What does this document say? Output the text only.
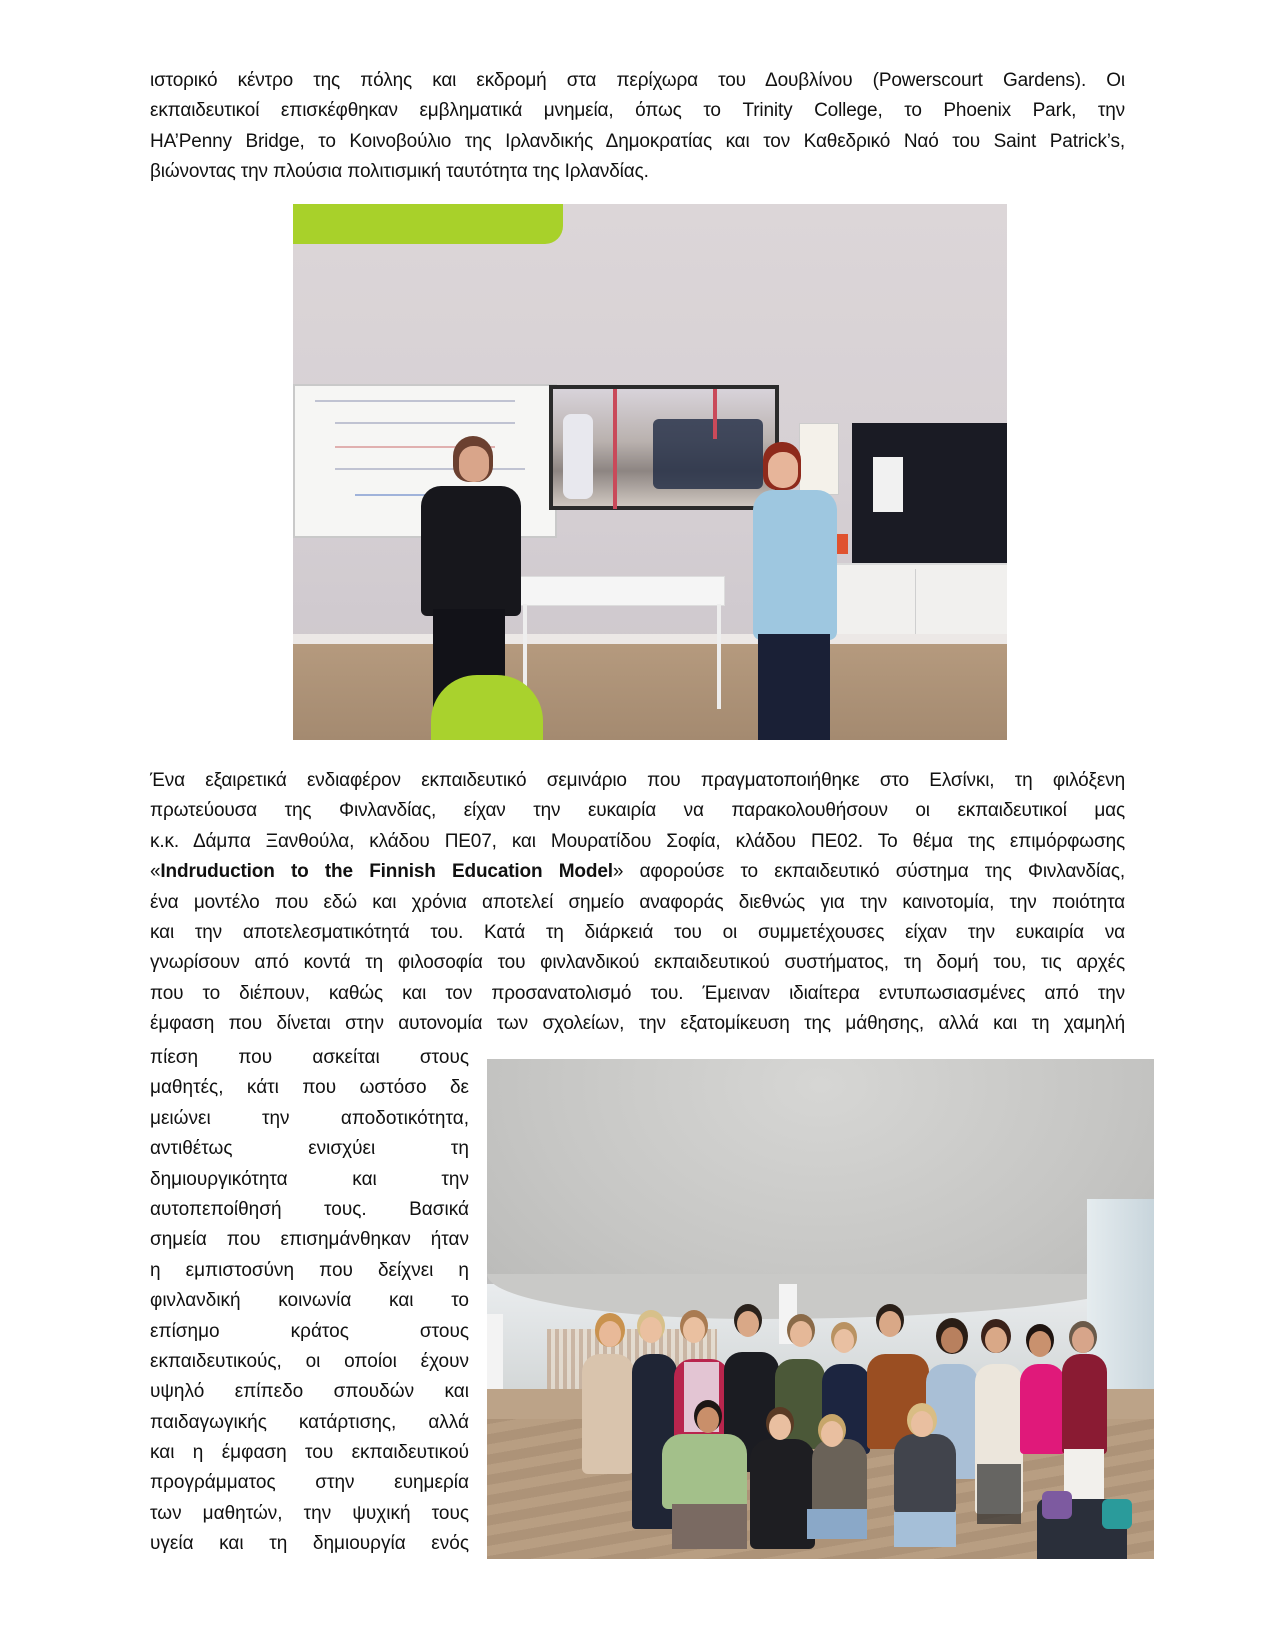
ιστορικό κέντρο της πόλης και εκδρομή στα περίχωρα του Δουβλίνου (Powerscourt Gardens). Οι
εκπαιδευτικοί επισκέφθηκαν εμβληματικά μνημεία, όπως το Trinity College, το Phoenix Park, την
HA’Penny Bridge, το Κοινοβούλιο της Ιρλανδικής Δημοκρατίας και τον Καθεδρικό Ναό του Saint Patrick’s,
βιώνοντας την πλούσια πολιτισμική ταυτότητα της Ιρλανδίας.
Ένα εξαιρετικά ενδιαφέρον εκπαιδευτικό σεμινάριο που πραγματοποιήθηκε στο Ελσίνκι, τη φιλόξενη
πρωτεύουσα της Φινλανδίας, είχαν την ευκαιρία να παρακολουθήσουν οι εκπαιδευτικοί μας
κ.κ. Δάμπα Ξανθούλα, κλάδου ΠΕ07, και Μουρατίδου Σοφία, κλάδου ΠΕ02. Το θέμα της επιμόρφωσης
«Indruduction to the Finnish Education Model» αφορούσε το εκπαιδευτικό σύστημα της Φινλανδίας,
ένα μοντέλο που εδώ και χρόνια αποτελεί σημείο αναφοράς διεθνώς για την καινοτομία, την ποιότητα
και την αποτελεσματικότητά του. Κατά τη διάρκειά του οι συμμετέχουσες είχαν την ευκαιρία να
γνωρίσουν από κοντά τη φιλοσοφία του φινλανδικού εκπαιδευτικού συστήματος, τη δομή του, τις αρχές
που το διέπουν, καθώς και τον προσανατολισμό του. Έμειναν ιδιαίτερα εντυπωσιασμένες από την
έμφαση που δίνεται στην αυτονομία των σχολείων, την εξατομίκευση της μάθησης, αλλά και τη χαμηλή
πίεση που ασκείται στους
μαθητές, κάτι που ωστόσο δε
μειώνει την αποδοτικότητα,
αντιθέτως ενισχύει τη
δημιουργικότητα και την
αυτοπεποίθησή τους. Βασικά
σημεία που επισημάνθηκαν ήταν
η εμπιστοσύνη που δείχνει η
φινλανδική κοινωνία και το
επίσημο κράτος στους
εκπαιδευτικούς, οι οποίοι έχουν
υψηλό επίπεδο σπουδών και
παιδαγωγικής κατάρτισης, αλλά
και η έμφαση του εκπαιδευτικού
προγράμματος στην ευημερία
των μαθητών, την ψυχική τους
υγεία και τη δημιουργία ενός
